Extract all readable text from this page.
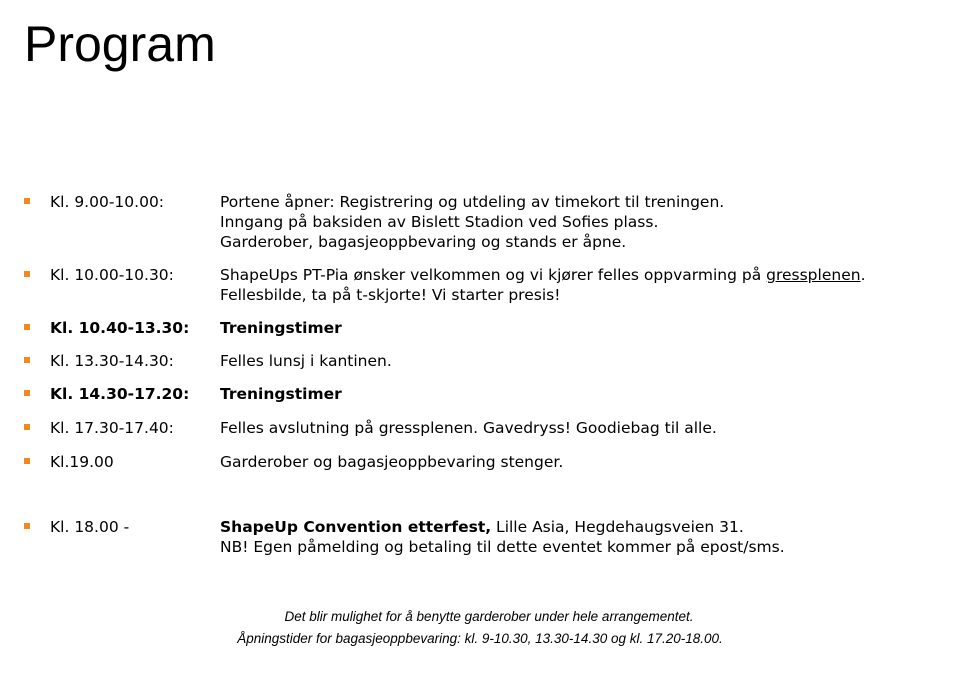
Program
Kl. 9.00-10.00:	Portene åpner: Registrering og utdeling av timekort til treningen.
Inngang på baksiden av Bislett Stadion ved Sofies plass.
Garderober, bagasjeoppbevaring og stands er åpne.
Kl. 10.00-10.30:	ShapeUps PT-Pia ønsker velkommen og vi kjører felles oppvarming på gressplenen.
Fellesbilde, ta på t-skjorte! Vi starter presis!
Kl. 10.40-13.30: Treningstimer
Kl. 13.30-14.30:	Felles lunsj i kantinen.
Kl. 14.30-17.20: Treningstimer
Kl. 17.30-17.40:	Felles avslutning på gressplenen. Gavedryss! Goodiebag til alle.
Kl.19.00	Garderober og bagasjeoppbevaring stenger.
Kl. 18.00 -	ShapeUp Convention etterfest, Lille Asia, Hegdehaugsveien 31.
NB! Egen påmelding og betaling til dette eventet kommer på epost/sms.
Det blir mulighet for å benytte garderober under hele arrangementet.
Åpningstider for bagasjeoppbevaring: kl. 9-10.30, 13.30-14.30 og kl. 17.20-18.00.
